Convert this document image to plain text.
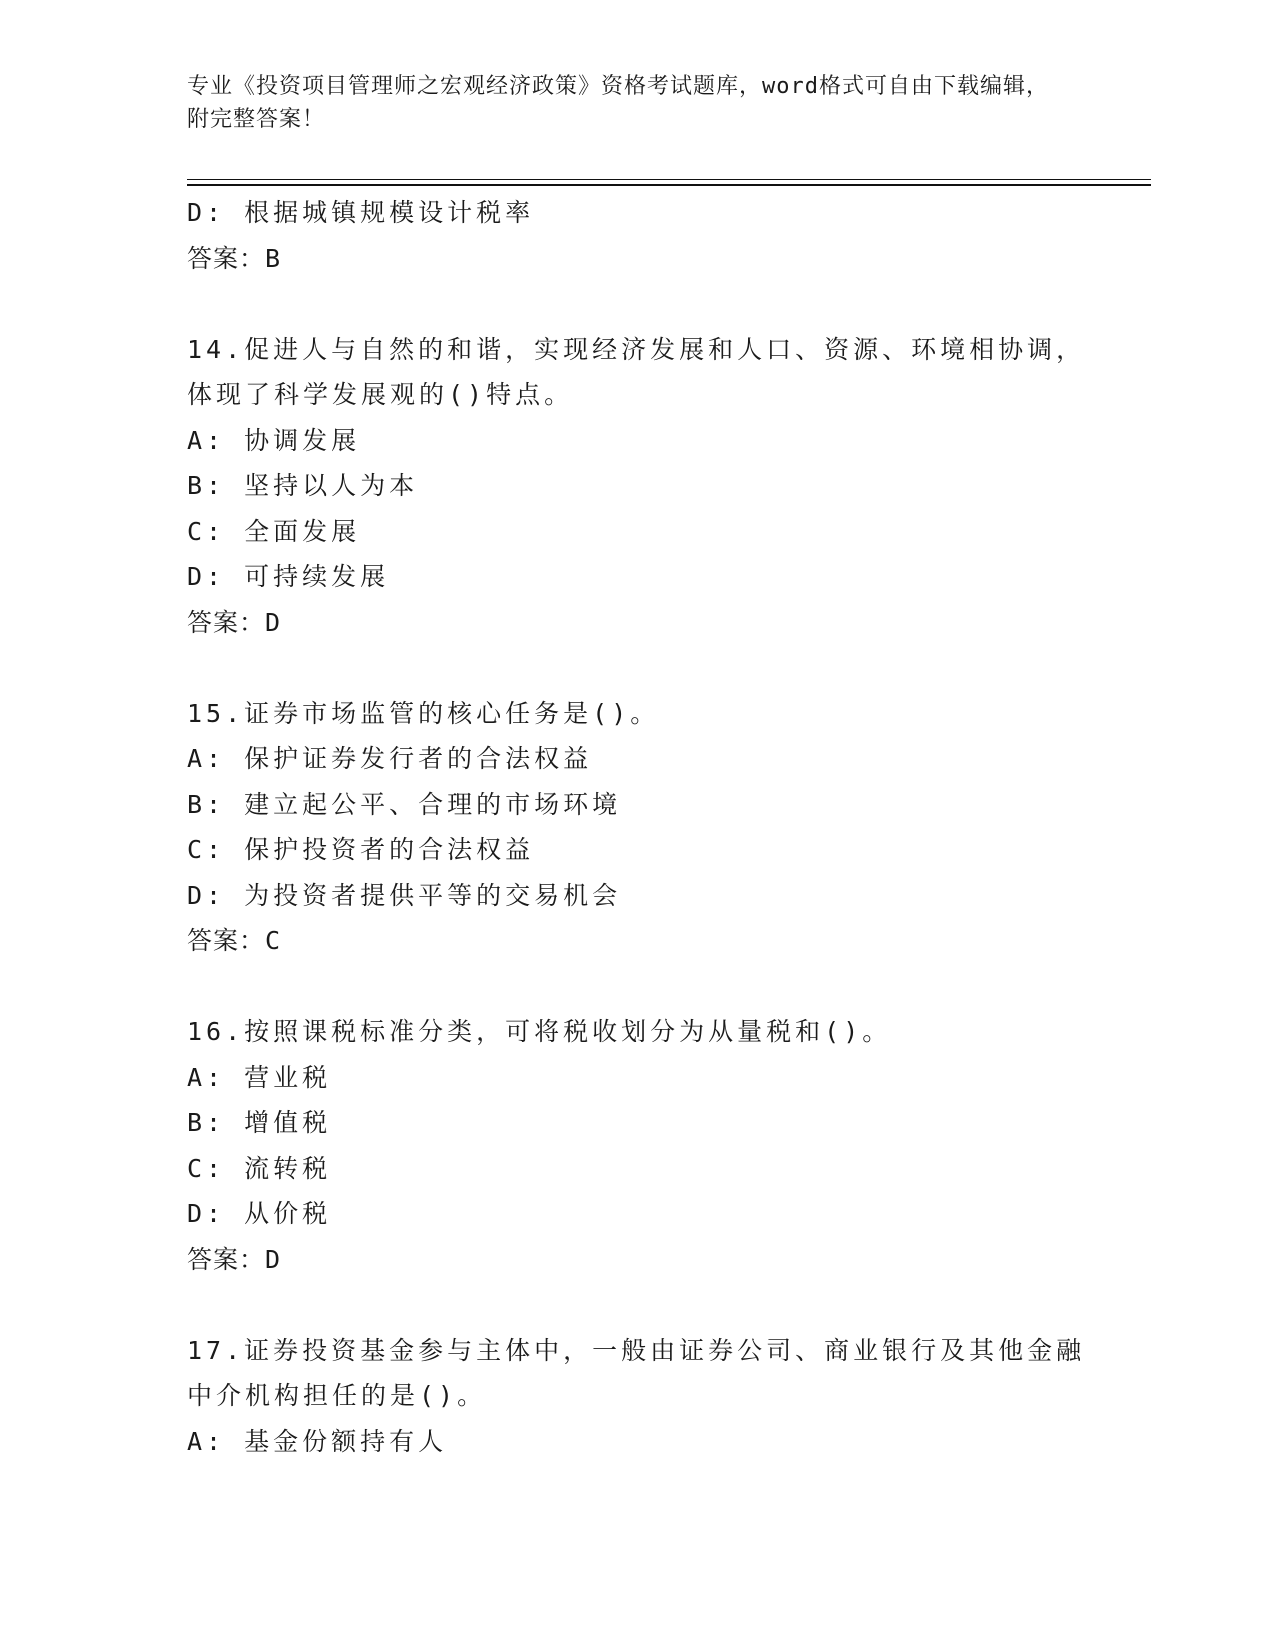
专业《投资项目管理师之宏观经济政策》资格考试题库，word格式可自由下载编辑，附完整答案！
D: 根据城镇规模设计税率
答案：B
14.促进人与自然的和谐，实现经济发展和人口、资源、环境相协调，
体现了科学发展观的()特点。
A: 协调发展
B: 坚持以人为本
C: 全面发展
D: 可持续发展
答案：D
15.证券市场监管的核心任务是()。
A: 保护证券发行者的合法权益
B: 建立起公平、合理的市场环境
C: 保护投资者的合法权益
D: 为投资者提供平等的交易机会
答案：C
16.按照课税标准分类，可将税收划分为从量税和()。
A: 营业税
B: 增值税
C: 流转税
D: 从价税
答案：D
17.证券投资基金参与主体中，一般由证券公司、商业银行及其他金融
中介机构担任的是()。
A: 基金份额持有人
